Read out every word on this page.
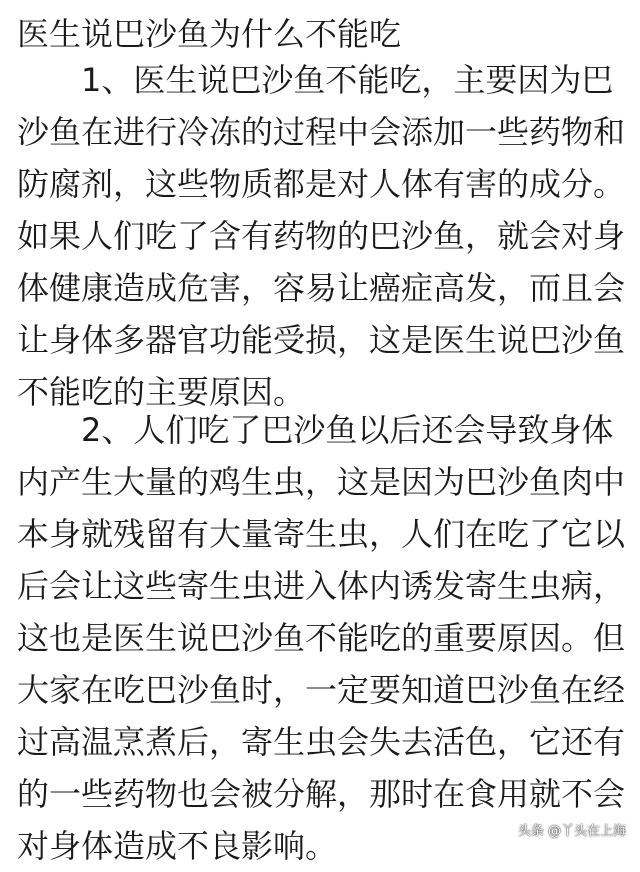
医生说巴沙鱼为什么不能吃

1、医生说巴沙鱼不能吃，主要因为巴沙鱼在进行冷冻的过程中会添加一些药物和防腐剂，这些物质都是对人体有害的成分。如果人们吃了含有药物的巴沙鱼，就会对身体健康造成危害，容易让癌症高发，而且会让身体多器官功能受损，这是医生说巴沙鱼不能吃的主要原因。

2、人们吃了巴沙鱼以后还会导致身体内产生大量的鸡生虫，这是因为巴沙鱼肉中本身就残留有大量寄生虫，人们在吃了它以后会让这些寄生虫进入体内诱发寄生虫病，这也是医生说巴沙鱼不能吃的重要原因。但大家在吃巴沙鱼时，一定要知道巴沙鱼在经过高温烹煮后，寄生虫会失去活色，它还有的一些药物也会被分解，那时在食用就不会对身体造成不良影响。	头条 @丫头在上海
